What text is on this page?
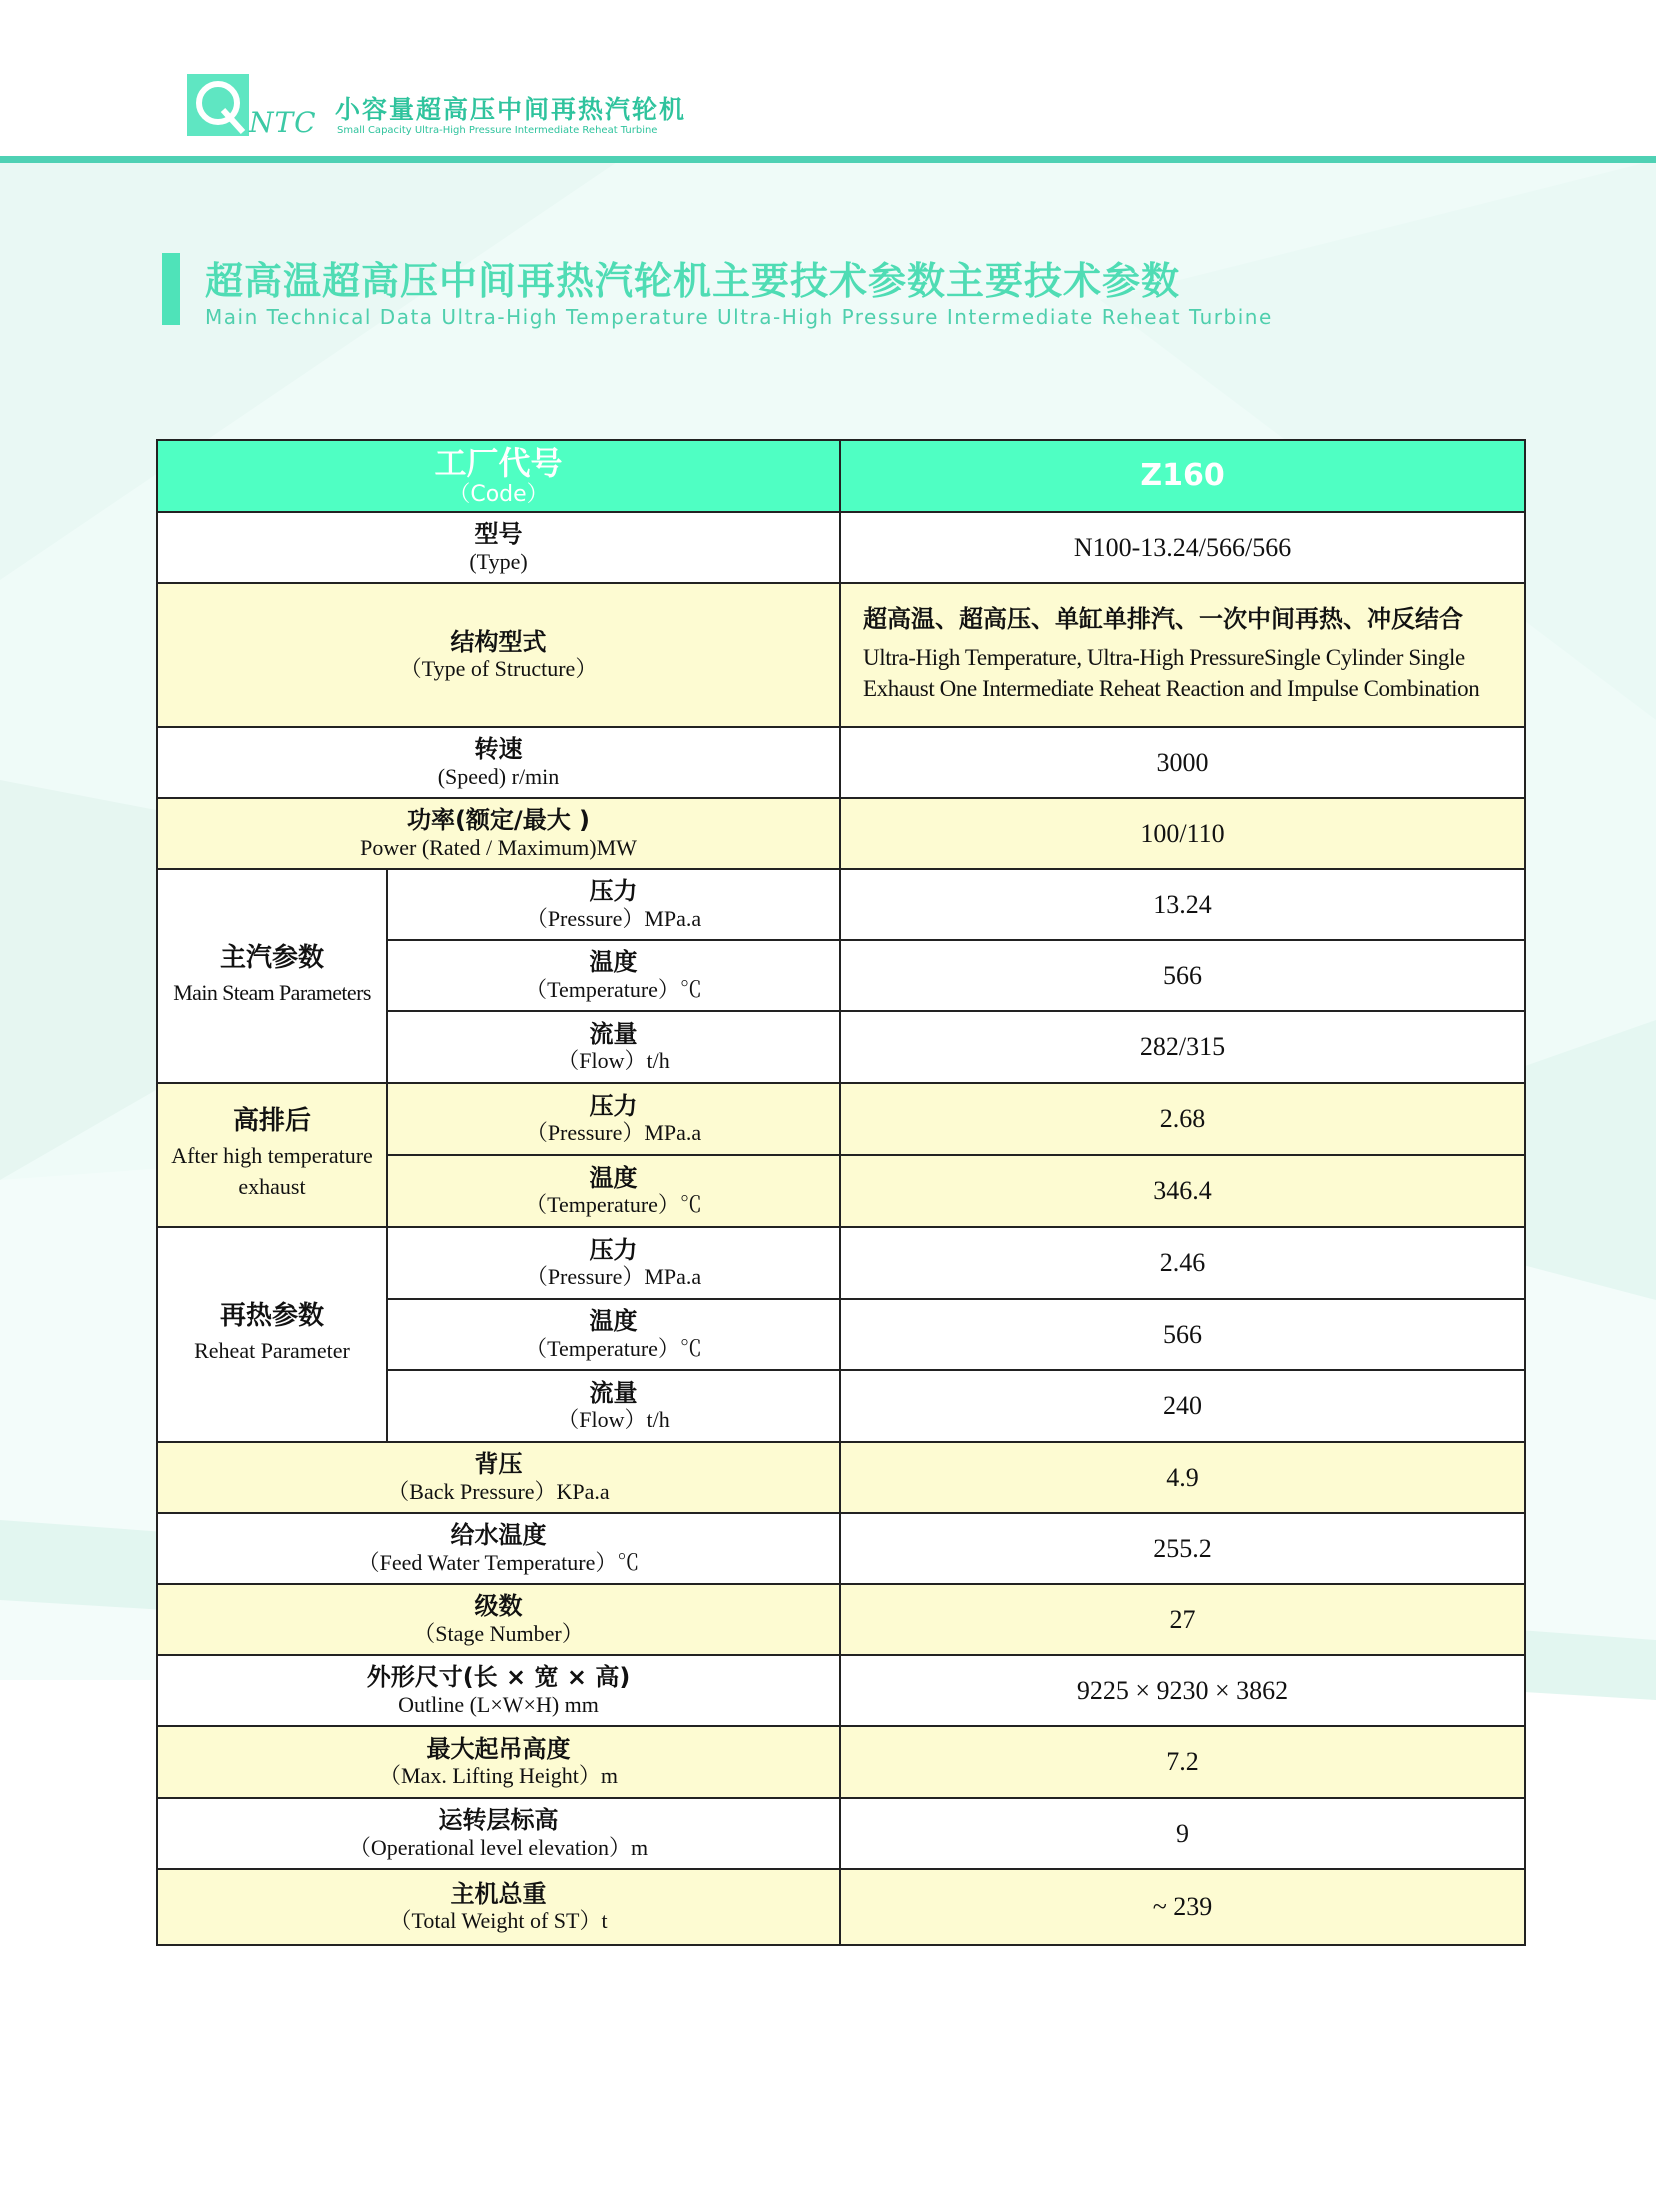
NTC 小容量超高压中间再热汽轮机
Small Capacity Ultra-High Pressure Intermediate Reheat Turbine
超高温超高压中间再热汽轮机主要技术参数主要技术参数
Main Technical Data Ultra-High Temperature Ultra-High Pressure Intermediate Reheat Turbine
工厂代号
（Code）		Z160

型号
(Type)		N100-13.24/566/566

结构型式
（Type of Structure）		超高温、超高压、单缸单排汽、一次中间再热、冲反结合
Ultra-High Temperature, Ultra-High PressureSingle Cylinder Single Exhaust One Intermediate Reheat Reaction and Impulse Combination

转速
(Speed) r/min		3000

功率(额定/最大 )
Power (Rated / Maximum)MW		100/110

主汽参数
Main Steam Parameters	压力
（Pressure）MPa.a	13.24

	温度
（Temperature）℃	566

	流量
（Flow）t/h	282/315

高排后
After high temperature exhaust	压力
（Pressure）MPa.a	2.68

	温度
（Temperature）℃	346.4

再热参数
Reheat Parameter	压力
（Pressure）MPa.a	2.46

	温度
（Temperature）℃	566

	流量
（Flow）t/h	240

背压
（Back Pressure）KPa.a		4.9

给水温度
（Feed Water Temperature）℃		255.2

级数
（Stage Number）		27

外形尺寸(长 × 宽 × 高)
Outline (L×W×H) mm		9225 × 9230 × 3862

最大起吊高度
（Max. Lifting Height）m		7.2

运转层标高
（Operational level elevation）m		9

主机总重
（Total Weight of ST）t		~ 239
